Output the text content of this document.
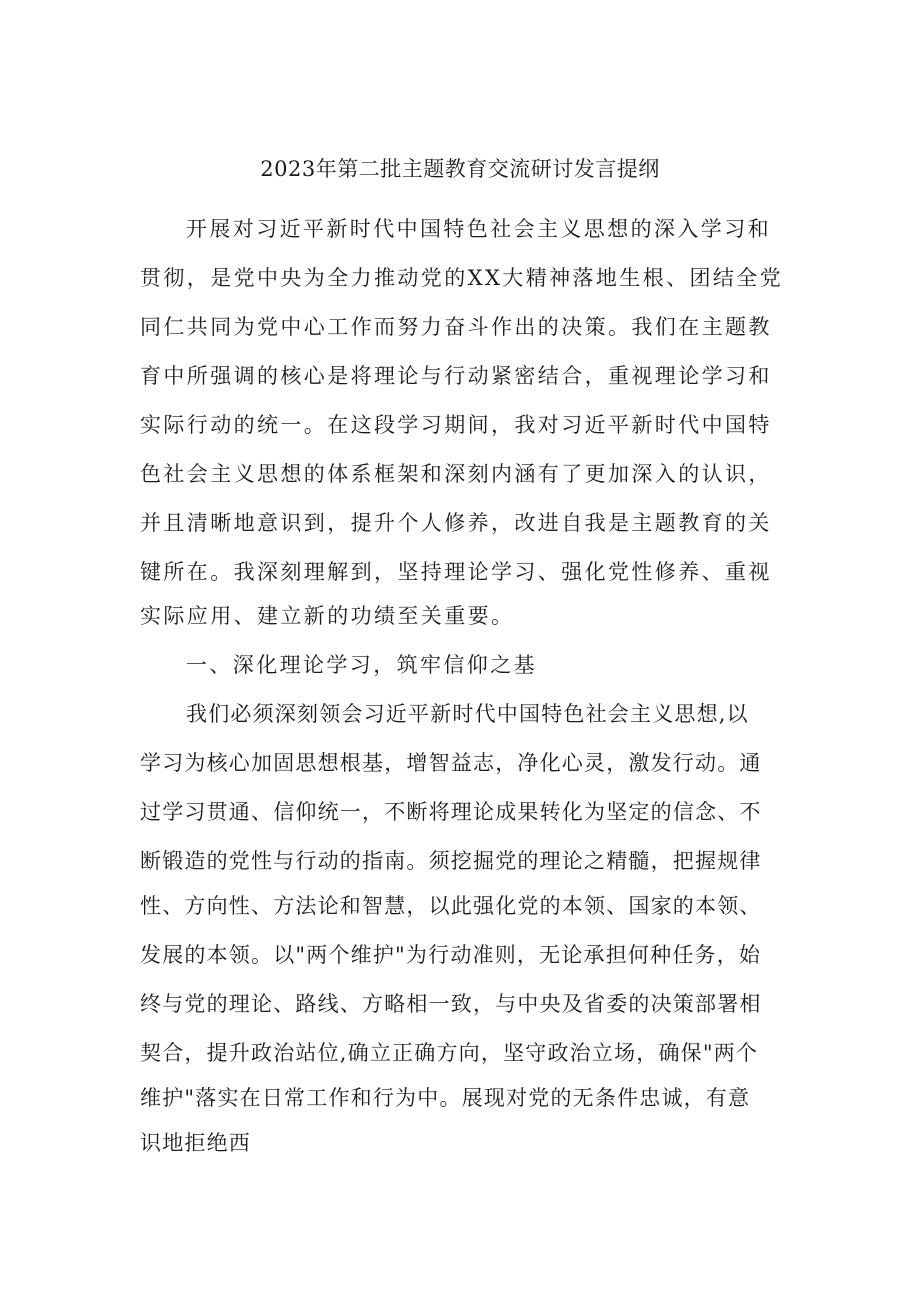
2023年第二批主题教育交流研讨发言提纲
开展对习近平新时代中国特色社会主义思想的深入学习和
贯彻，是党中央为全力推动党的XX大精神落地生根、团结全党
同仁共同为党中心工作而努力奋斗作出的决策。我们在主题教
育中所强调的核心是将理论与行动紧密结合，重视理论学习和
实际行动的统一。在这段学习期间，我对习近平新时代中国特
色社会主义思想的体系框架和深刻内涵有了更加深入的认识，
并且清晰地意识到，提升个人修养，改进自我是主题教育的关
键所在。我深刻理解到，坚持理论学习、强化党性修养、重视
实际应用、建立新的功绩至关重要。
一、深化理论学习，筑牢信仰之基
我们必须深刻领会习近平新时代中国特色社会主义思想,以
学习为核心加固思想根基，增智益志，净化心灵，激发行动。通
过学习贯通、信仰统一，不断将理论成果转化为坚定的信念、不
断锻造的党性与行动的指南。须挖掘党的理论之精髓，把握规律
性、方向性、方法论和智慧，以此强化党的本领、国家的本领、
发展的本领。以"两个维护"为行动准则，无论承担何种任务，始
终与党的理论、路线、方略相一致，与中央及省委的决策部署相
契合，提升政治站位,确立正确方向，坚守政治立场，确保"两个
维护"落实在日常工作和行为中。展现对党的无条件忠诚，有意
识地拒绝西
